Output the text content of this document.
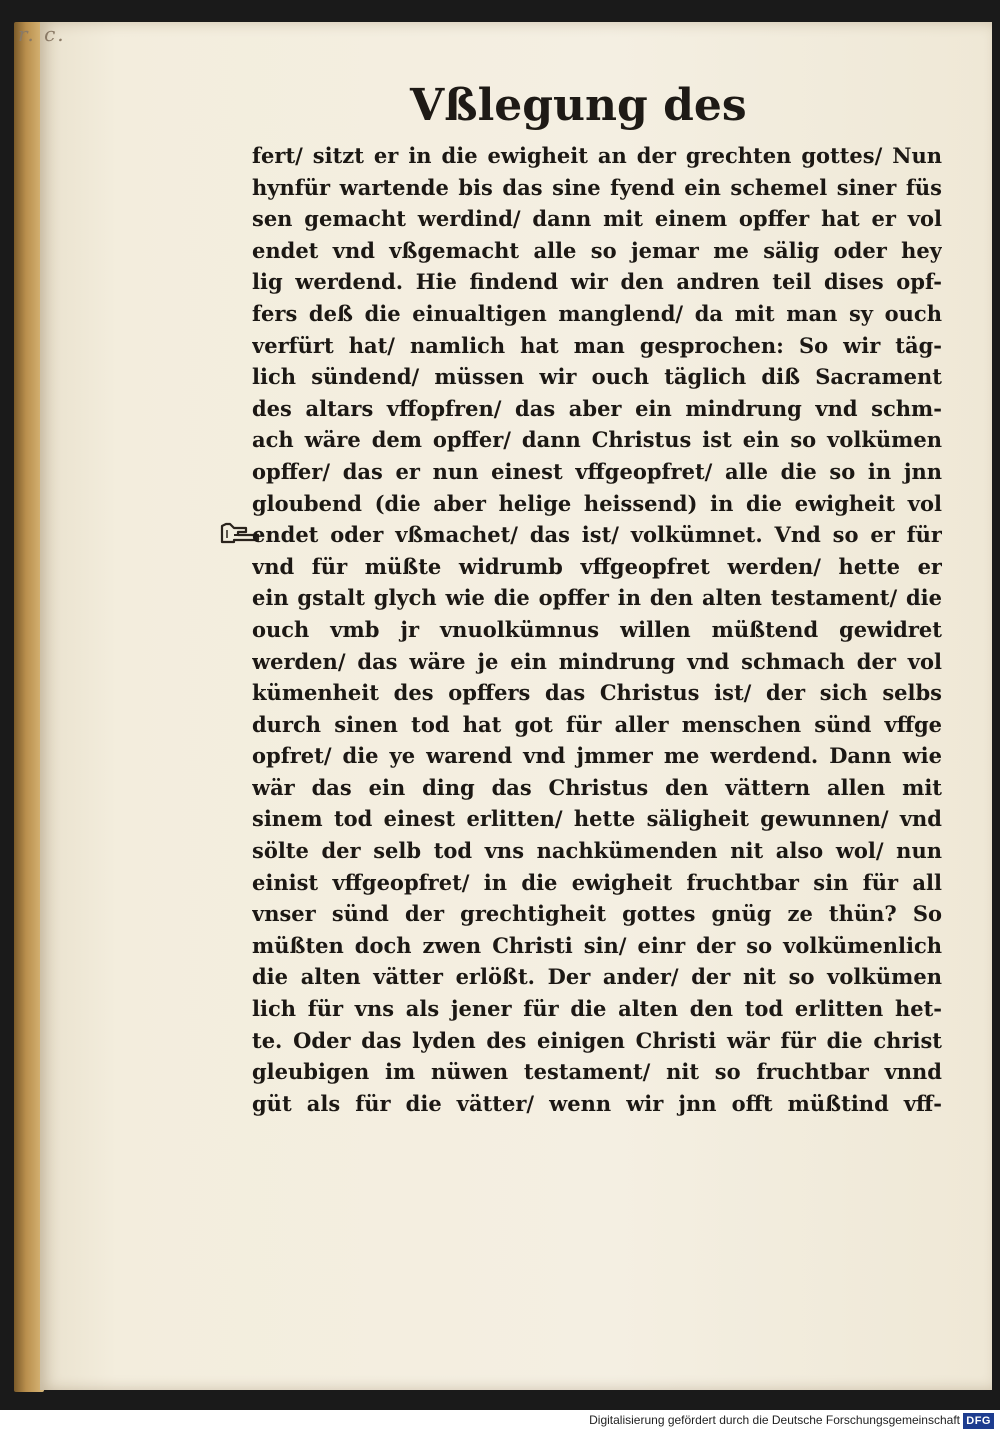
r. c.
Vßlegung des
fert/ sitzt er in die ewigheit an der grechten gottes/ Nun
hynfür wartende bis das sine fyend ein schemel siner füs
sen gemacht werdind/ dann mit einem opffer hat er vol
endet vnd vßgemacht alle so jemar me sälig oder hey
lig werdend. Hie findend wir den andren teil dises opf-
fers deß die einualtigen manglend/ da mit man sy ouch
verfürt hat/ namlich hat man gesprochen: So wir täg-
lich sündend/ müssen wir ouch täglich diß Sacrament
des altars vffopfren/ das aber ein mindrung vnd schm-
ach wäre dem opffer/ dann Christus ist ein so volkümen
opffer/ das er nun einest vffgeopfret/ alle die so in jnn
gloubend (die aber helige heissend) in die ewigheit vol
endet oder vßmachet/ das ist/ volkümnet. Vnd so er für
vnd für müßte widrumb vffgeopfret werden/ hette er
ein gstalt glych wie die opffer in den alten testament/ die
ouch vmb jr vnuolkümnus willen müßtend gewidret
werden/ das wäre je ein mindrung vnd schmach der vol
kümenheit des opffers das Christus ist/ der sich selbs
durch sinen tod hat got für aller menschen sünd vffge
opfret/ die ye warend vnd jmmer me werdend. Dann wie
wär das ein ding das Christus den vättern allen mit
sinem tod einest erlitten/ hette säligheit gewunnen/ vnd
sölte der selb tod vns nachkümenden nit also wol/ nun
einist vffgeopfret/ in die ewigheit fruchtbar sin für all
vnser sünd der grechtigheit gottes gnüg ze thün? So
müßten doch zwen Christi sin/ einr der so volkümenlich
die alten vätter erlößt. Der ander/ der nit so volkümen
lich für vns als jener für die alten den tod erlitten het-
te. Oder das lyden des einigen Christi wär für die christ
gleubigen im nüwen testament/ nit so fruchtbar vnnd
güt als für die vätter/ wenn wir jnn offt müßtind vff-
Digitalisierung gefördert durch die Deutsche Forschungsgemeinschaft DFG
